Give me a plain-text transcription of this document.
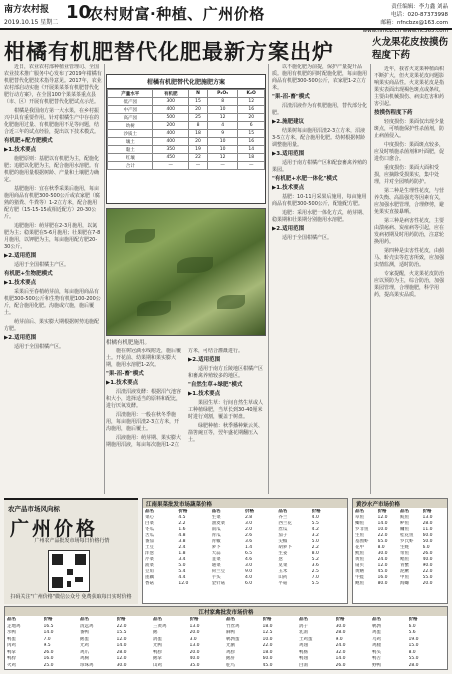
南方农村报
2019.10.15 星期二 10
农村财富·种植、广州价格	责任编辑：李力鑫 刘晶
电话：020-87373998
邮箱：nfncbzx@163.com
www.nfncb.cn www.nc365.com
柑橘有机肥替代化肥最新方案出炉	火龙果花皮按摸伤程度下药
近日，农业农村部种植业管理司、全国农业技术推广服务中心发布了2019年柑橘有机肥替代化肥技术指导意见。2017年，农业农村部启动实施《开展果菜茶有机肥替代化肥行动方案》，在全国100个果菜茶重点县（市、区）开展有机肥替代化肥试点示范。
柑橘是我国南方第一大水果，在乡村振兴中具有重要作用。针对柑橘生产中存在的化肥施用过量、有机肥施用不足等问题，结合近三年的试点经验，提出以下技术模式。
有机肥+配方肥模式
▶1.技术要点
施肥原则：基肥以有机肥为主，配施化肥；追肥以化肥为主，配合施用水溶肥。有机肥的施用量根据树龄、产量和土壤肥力确定。
基肥施用：宜在秋季采果后施用，每亩施用商品有机肥300-500公斤或农家肥（腐熟的猪粪、牛粪等）1-2立方米，配合施用配方肥（15-15-15或相近配方）20-30公斤。
追肥施用：萌芽肥在2-3月施用，以氮肥为主；稳果肥在5-6月施用；壮果肥在7-8月施用，以钾肥为主，每亩施用配方肥20-30公斤。
▶2.适用范围
适用于全国柑橘主产区。
有机肥+生物肥模式
▶1.技术要点
采果后至春梢萌芽前，每亩施用商品有机肥300-500公斤和生物有机肥100-200公斤，配合施用化肥。沟施或穴施，施后覆土。
萌芽前后、果实膨大期根据树势追施配方肥。
▶2.适用范围
适用于全国柑橘产区。
柑橘有机肥替代化肥施肥方案
产量水平	有机肥	N	P₂O₅	K₂O
低产园	300	15	8	12
中产园	400	20	10	16
高产园	500	25	12	20
幼树	200	8	4	6
沙质土	400	18	9	15
壤土	400	20	10	16
黏土	350	19	10	14
红壤	450	22	12	18
合计	—	—	—	—
柑橘有机肥施用。
施在树冠滴水线附近，施后覆土。开花前、幼果期和果实膨大期，施用水溶肥1-2次。
"果-沼-畜"模式
▶1.技术要点
沼渣沼液发酵：根据沼气池容积大小，选择适当的原料和配比，进行厌氧发酵。
沼渣施用：一般在秋冬季施用，每亩施用沼渣2-3立方米，开沟施用，施后覆土。
沼液施用：萌芽期、果实膨大期施用沼液，每亩每次施用1-2立方米，可结合灌溉进行。
▶2.适用范围
适用于南方丘陵地区柑橘产区和畜禽养殖较多的地区。
"自然生草+绿肥"模式
▶1.技术要点
果园生草：行间自然生草或人工种植绿肥，当草长到30-40厘米时进行刈割，覆盖于树盘。
绿肥种植：秋季播种紫云英、箭筈豌豆等，翌年盛花期翻压入土。
以不施化肥为前提，保护产量提升品质。施用有机肥的同时配施化肥，每亩施用商品有机肥300-500公斤，农家肥1-2立方米。
"果-沼-畜"模式
沼渣沼液作为有机肥施用，替代部分化肥。
▶2.施肥建议
结果树每亩施用沼渣2-3立方米，沼液3-5立方米，配合施用化肥。幼树根据树龄调整施用量。
▶3.适用范围
适用于南方柑橘产区和配套畜禽养殖的果园。
"有机肥+水肥一体化"模式
▶1.技术要点
基肥：10-11月采果后施用，每亩施用商品有机肥300-500公斤，配施配方肥。
追肥：采用水肥一体化方式，萌芽期、稳果期和壮果期分别施用水溶肥。
▶2.适用范围
适用于全国柑橘产区。
近年，我省火龙果种植面积不断扩大，但火龙果花皮问题影响果实商品性。火龙果花皮是指果实表面出现褐色斑点或条纹，主要由机械损伤、病虫危害和药害引起。
按摸伤程度下药
轻度损伤：果面仅出现少量斑点，可喷施保护性杀菌剂，防止病菌侵入。
中度损伤：果面斑点较多，应及时喷施杀菌剂和叶面肥，促进伤口愈合。
重度损伤：果面大面积受损，应摘除受损果实，集中处理，并对全园喷药防护。
第二种是生理性花皮，与营养失衡、高温强光等因素有关，应加强水肥管理，合理修剪，避免果实直接暴晒。
第三种是病害性花皮，主要由溃疡病、炭疽病等引起，应在发病初期及时用药防治，注意轮换用药。
第四种是虫害性花皮，由蓟马、蚧壳虫等危害所致，应加强虫情监测，适时防治。
专家提醒，火龙果花皮防治应以预防为主，综合防治，加强果园管理，合理施肥，科学用药，提高果实品质。
农产品市场风向标
广州价格
广州农产品批发市场每日价格行情
扫码关注"广州价格"微信公众号 免费获取每日实时价格
江南果菜批发市场蔬菜价格
品名	价格	品名	价格	品名	价格
菜心	4.5	生菜	2.8	芥兰	4.0
白菜	2.2	油麦菜	3.0	西兰花	5.5
冬瓜	1.6	南瓜	2.0	丝瓜	4.2
苦瓜	4.8	青瓜	2.6	茄子	3.2
番茄	3.8	青椒	3.6	尖椒	5.0
土豆	2.4	萝卜	1.4	胡萝卜	2.2
洋葱	1.8	大蒜	6.5	生姜	8.0
芹菜	3.4	韭菜	4.6	葱	5.2
菠菜	5.0	通菜	3.0	苋菜	3.6
豆角	5.4	荷兰豆	9.0	玉米	2.5
莲藕	4.4	芋头	4.0	山药	7.0
香菇	12.0	金针菇	6.0	平菇	5.5
黄沙水产市场价格
品名	价格	品名	价格
草鱼	12.0	鲩鱼	13.0
鲫鱼	14.0	鲈鱼	28.0
罗非鱼	10.0	鳙鱼	11.0
生鱼	22.0	桂花鱼	60.0
基围虾	65.0	罗氏虾	50.0
花甲	8.0	生蚝	6.0
鱿鱼	30.0	带鱼	26.0
黄鱼	24.0	鲳鱼	40.0
扇贝	12.0	青蟹	90.0
黄鳝	45.0	泥鳅	22.0
牛蛙	16.0	甲鱼	55.0
鲍鱼	80.0	海螺	20.0
江村家禽批发市场价格
品名	价格	品名	价格	品名	价格	品名	价格	品名	价格	品名	价格
走地鸡	16.5	清远鸡	22.0	三黄鸡	13.0	竹丝鸡	18.0	鸽子	30.0	鹌鹑	6.0
水鸭	14.0	番鸭	15.5	鹅	20.0	麻鸭	12.5	乳鸽	28.0	鸡蛋	5.6
鸭蛋	7.0	鹅蛋	12.0	鸽蛋	3.0	鹌鹑蛋	10.0	土鸡蛋	9.0	乌鸡	19.0
肉鸡	9.5	光鸡	14.0	光鸭	13.0	光鹅	22.0	鸡翅	24.0	鸡腿	15.0
鸭掌	26.0	鸡爪	28.0	鸭胗	20.0	鸡胗	18.0	鸭肠	32.0	鸭头	8.0
鸭脖	16.0	鸡胸	12.0	鹅掌	40.0	鹅肝	60.0	鸭翅	14.0	鸭舌	55.0
火鸡	25.0	珍珠鸡	30.0	山鸡	35.0	鸵鸟	45.0	白鸽	26.0	野鸭	28.0
